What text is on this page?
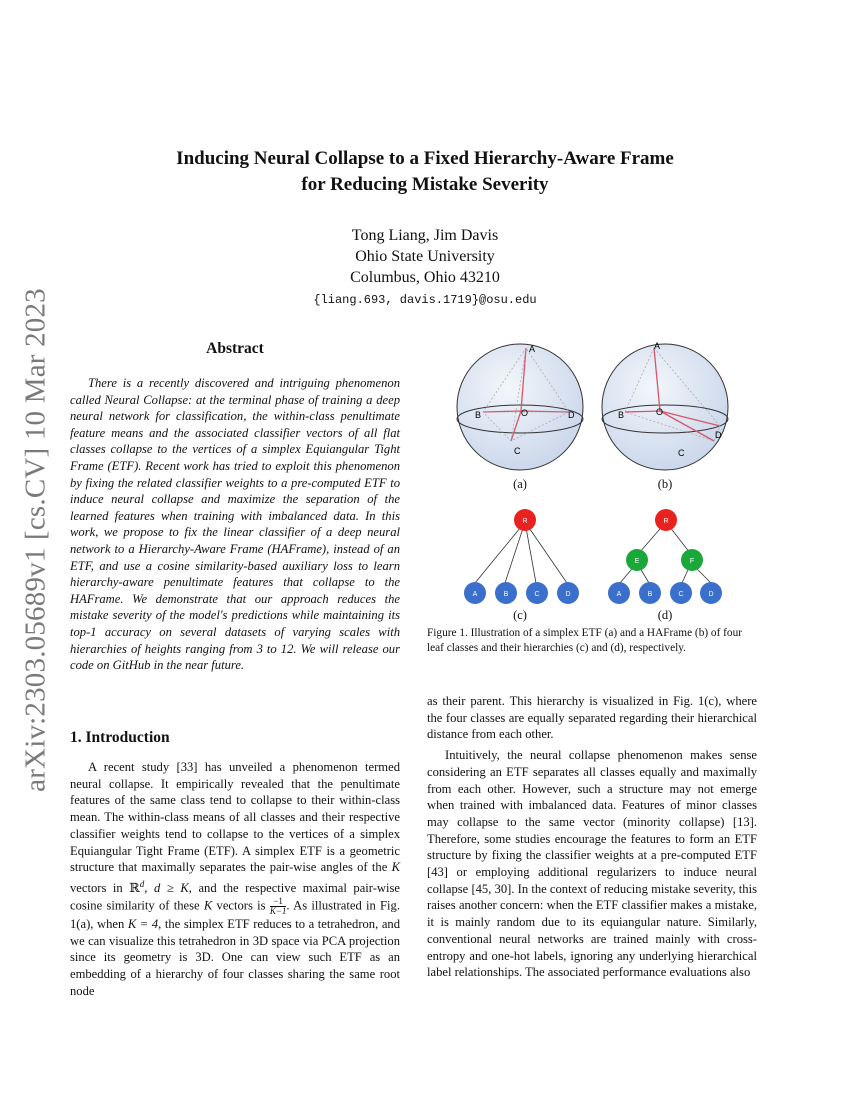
arXiv:2303.05689v1 [cs.CV] 10 Mar 2023
Inducing Neural Collapse to a Fixed Hierarchy-Aware Frame
for Reducing Mistake Severity
Tong Liang, Jim Davis
Ohio State University
Columbus, Ohio 43210
{liang.693, davis.1719}@osu.edu
Abstract
There is a recently discovered and intriguing phenomenon called Neural Collapse: at the terminal phase of training a deep neural network for classification, the within-class penultimate feature means and the associated classifier vectors of all flat classes collapse to the vertices of a simplex Equiangular Tight Frame (ETF). Recent work has tried to exploit this phenomenon by fixing the related classifier weights to a pre-computed ETF to induce neural collapse and maximize the separation of the learned features when training with imbalanced data. In this work, we propose to fix the linear classifier of a deep neural network to a Hierarchy-Aware Frame (HAFrame), instead of an ETF, and use a cosine similarity-based auxiliary loss to learn hierarchy-aware penultimate features that collapse to the HAFrame. We demonstrate that our approach reduces the mistake severity of the model's predictions while maintaining its top-1 accuracy on several datasets of varying scales with hierarchies of heights ranging from 3 to 12. We will release our code on GitHub in the near future.
1. Introduction
A recent study [33] has unveiled a phenomenon termed neural collapse. It empirically revealed that the penultimate features of the same class tend to collapse to their within-class mean. The within-class means of all classes and their respective classifier weights tend to collapse to the vertices of a simplex Equiangular Tight Frame (ETF). A simplex ETF is a geometric structure that maximally separates the pair-wise angles of the K vectors in ℝ$^d$, d ≥ K, and the respective maximal pair-wise cosine similarity of these K vectors is $\frac{-1}{K-1}$ . As illustrated in Fig. 1(a), when K = 4, the simplex ETF reduces to a tetrahedron, and we can visualize this tetrahedron in 3D space via PCA projection since its geometry is 3D. One can view such ETF as an embedding of a hierarchy of four classes sharing the same root node
A
B	O	D
C
(a)
A
B	O
D
C
(b)
R
A	B	C	D
(c)
R
E	F
A	B	C	D
(d)
Figure 1. Illustration of a simplex ETF (a) and a HAFrame (b) of four leaf classes and their hierarchies (c) and (d), respectively.

as their parent. This hierarchy is visualized in Fig. 1(c), where the four classes are equally separated regarding their hierarchical distance from each other.

Intuitively, the neural collapse phenomenon makes sense considering an ETF separates all classes equally and maximally from each other. However, such a structure may not emerge when trained with imbalanced data. Features of minor classes may collapse to the same vector (minority collapse) [13]. Therefore, some studies encourage the features to form an ETF structure by fixing the classifier weights at a pre-computed ETF [43] or employing additional regularizers to induce neural collapse [45, 30]. In the context of reducing mistake severity, this raises another concern: when the ETF classifier makes a mistake, it is mainly random due to its equiangular nature. Similarly, conventional neural networks are trained mainly with cross-entropy and one-hot labels, ignoring any underlying hierarchical label relationships. The associated performance evaluations also
